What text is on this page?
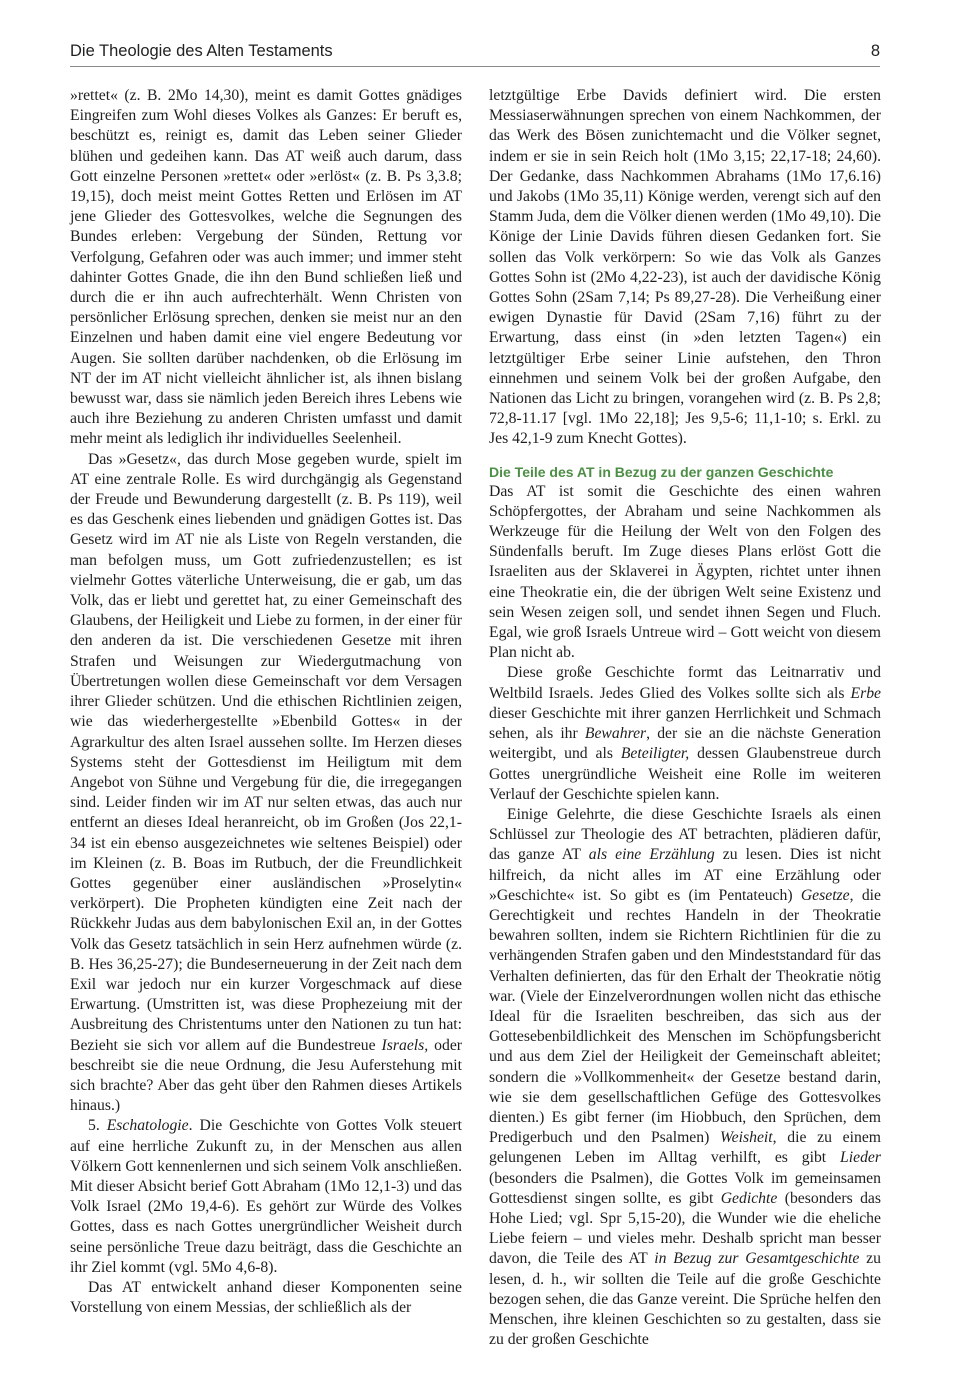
Die Theologie des Alten Testaments	8

»rettet« (z. B. 2Mo 14,30), meint es damit Gottes gnädiges Eingreifen zum Wohl dieses Volkes als Ganzes: Er beruft es, beschützt es, reinigt es, damit das Leben seiner Glieder blühen und gedeihen kann. Das AT weiß auch darum, dass Gott einzelne Personen »rettet« oder »erlöst« (z. B. Ps 3,3.8; 19,15), doch meist meint Gottes Retten und Erlösen im AT jene Glieder des Gottesvolkes, welche die Segnungen des Bundes erleben: Vergebung der Sünden, Rettung vor Verfolgung, Gefahren oder was auch immer; und immer steht dahinter Gottes Gnade, die ihn den Bund schließen ließ und durch die er ihn auch aufrechterhält. Wenn Christen von persönlicher Erlösung sprechen, denken sie meist nur an den Einzelnen und haben damit eine viel engere Bedeutung vor Augen. Sie sollten darüber nachdenken, ob die Erlösung im NT der im AT nicht vielleicht ähnlicher ist, als ihnen bislang bewusst war, dass sie nämlich jeden Bereich ihres Lebens wie auch ihre Beziehung zu anderen Christen umfasst und damit mehr meint als lediglich ihr individuelles Seelenheil.

Das »Gesetz«, das durch Mose gegeben wurde, spielt im AT eine zentrale Rolle. Es wird durchgängig als Gegenstand der Freude und Bewunderung dargestellt (z. B. Ps 119), weil es das Geschenk eines liebenden und gnädigen Gottes ist. Das Gesetz wird im AT nie als Liste von Regeln verstanden, die man befolgen muss, um Gott zufriedenzustellen; es ist vielmehr Gottes väterliche Unterweisung, die er gab, um das Volk, das er liebt und gerettet hat, zu einer Gemeinschaft des Glaubens, der Heiligkeit und Liebe zu formen, in der einer für den anderen da ist. Die verschiedenen Gesetze mit ihren Strafen und Weisungen zur Wiedergutmachung von Übertretungen wollen diese Gemeinschaft vor dem Versagen ihrer Glieder schützen. Und die ethischen Richtlinien zeigen, wie das wiederhergestellte »Ebenbild Gottes« in der Agrarkultur des alten Israel aussehen sollte. Im Herzen dieses Systems steht der Gottesdienst im Heiligtum mit dem Angebot von Sühne und Vergebung für die, die irregegangen sind. Leider finden wir im AT nur selten etwas, das auch nur entfernt an dieses Ideal heranreicht, ob im Großen (Jos 22,1-34 ist ein ebenso ausgezeichnetes wie seltenes Beispiel) oder im Kleinen (z. B. Boas im Rutbuch, der die Freundlichkeit Gottes gegenüber einer ausländischen »Proselytin« verkörpert). Die Propheten kündigten eine Zeit nach der Rückkehr Judas aus dem babylonischen Exil an, in der Gottes Volk das Gesetz tatsächlich in sein Herz aufnehmen würde (z. B. Hes 36,25-27); die Bundeserneuerung in der Zeit nach dem Exil war jedoch nur ein kurzer Vorgeschmack auf diese Erwartung. (Umstritten ist, was diese Prophezeiung mit der Ausbreitung des Christentums unter den Nationen zu tun hat: Bezieht sie sich vor allem auf die Bundestreue Israels, oder beschreibt sie die neue Ordnung, die Jesu Auferstehung mit sich brachte? Aber das geht über den Rahmen dieses Artikels hinaus.)

5. Eschatologie. Die Geschichte von Gottes Volk steuert auf eine herrliche Zukunft zu, in der Menschen aus allen Völkern Gott kennenlernen und sich seinem Volk anschließen. Mit dieser Absicht berief Gott Abraham (1Mo 12,1-3) und das Volk Israel (2Mo 19,4-6). Es gehört zur Würde des Volkes Gottes, dass es nach Gottes unergründlicher Weisheit durch seine persönliche Treue dazu beiträgt, dass die Geschichte an ihr Ziel kommt (vgl. 5Mo 4,6-8).

Das AT entwickelt anhand dieser Komponenten seine Vorstellung von einem Messias, der schließlich als der

letztgültige Erbe Davids definiert wird. Die ersten Messiaserwähnungen sprechen von einem Nachkommen, der das Werk des Bösen zunichtemacht und die Völker segnet, indem er sie in sein Reich holt (1Mo 3,15; 22,17-18; 24,60). Der Gedanke, dass Nachkommen Abrahams (1Mo 17,6.16) und Jakobs (1Mo 35,11) Könige werden, verengt sich auf den Stamm Juda, dem die Völker dienen werden (1Mo 49,10). Die Könige der Linie Davids führen diesen Gedanken fort. Sie sollen das Volk verkörpern: So wie das Volk als Ganzes Gottes Sohn ist (2Mo 4,22-23), ist auch der davidische König Gottes Sohn (2Sam 7,14; Ps 89,27-28). Die Verheißung einer ewigen Dynastie für David (2Sam 7,16) führt zu der Erwartung, dass einst (in »den letzten Tagen«) ein letztgültiger Erbe seiner Linie aufstehen, den Thron einnehmen und seinem Volk bei der großen Aufgabe, den Nationen das Licht zu bringen, vorangehen wird (z. B. Ps 2,8; 72,8-11.17 [vgl. 1Mo 22,18]; Jes 9,5-6; 11,1-10; s. Erkl. zu Jes 42,1-9 zum Knecht Gottes).

Die Teile des AT in Bezug zu der ganzen Geschichte

Das AT ist somit die Geschichte des einen wahren Schöpfergottes, der Abraham und seine Nachkommen als Werkzeuge für die Heilung der Welt von den Folgen des Sündenfalls beruft. Im Zuge dieses Plans erlöst Gott die Israeliten aus der Sklaverei in Ägypten, richtet unter ihnen eine Theokratie ein, die der übrigen Welt seine Existenz und sein Wesen zeigen soll, und sendet ihnen Segen und Fluch. Egal, wie groß Israels Untreue wird – Gott weicht von diesem Plan nicht ab.

Diese große Geschichte formt das Leitnarrativ und Weltbild Israels. Jedes Glied des Volkes sollte sich als Erbe dieser Geschichte mit ihrer ganzen Herrlichkeit und Schmach sehen, als ihr Bewahrer, der sie an die nächste Generation weitergibt, und als Beteiligter, dessen Glaubenstreue durch Gottes unergründliche Weisheit eine Rolle im weiteren Verlauf der Geschichte spielen kann.

Einige Gelehrte, die diese Geschichte Israels als einen Schlüssel zur Theologie des AT betrachten, plädieren dafür, das ganze AT als eine Erzählung zu lesen. Dies ist nicht hilfreich, da nicht alles im AT eine Erzählung oder »Geschichte« ist. So gibt es (im Pentateuch) Gesetze, die Gerechtigkeit und rechtes Handeln in der Theokratie bewahren sollten, indem sie Richtern Richtlinien für die zu verhängenden Strafen gaben und den Mindeststandard für das Verhalten definierten, das für den Erhalt der Theokratie nötig war. (Viele der Einzelverordnungen wollen nicht das ethische Ideal für die Israeliten beschreiben, das sich aus der Gottesebenbildlichkeit des Menschen im Schöpfungsbericht und aus dem Ziel der Heiligkeit der Gemeinschaft ableitet; sondern die »Vollkommenheit« der Gesetze bestand darin, wie sie dem gesellschaftlichen Gefüge des Gottesvolkes dienten.) Es gibt ferner (im Hiobbuch, den Sprüchen, dem Predigerbuch und den Psalmen) Weisheit, die zu einem gelungenen Leben im Alltag verhilft, es gibt Lieder (besonders die Psalmen), die Gottes Volk im gemeinsamen Gottesdienst singen sollte, es gibt Gedichte (besonders das Hohe Lied; vgl. Spr 5,15-20), die Wunder wie die eheliche Liebe feiern – und vieles mehr. Deshalb spricht man besser davon, die Teile des AT in Bezug zur Gesamtgeschichte zu lesen, d. h., wir sollten die Teile auf die große Geschichte bezogen sehen, die das Ganze vereint. Die Sprüche helfen den Menschen, ihre kleinen Geschichten so zu gestalten, dass sie zu der großen Geschichte
